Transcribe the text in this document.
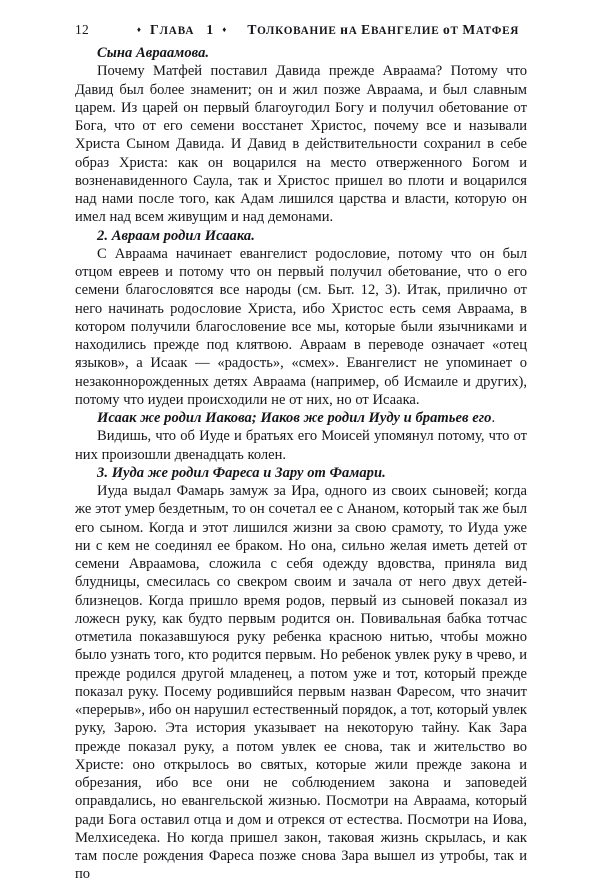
12	♦ ГЛАВА 1 ♦ ТОЛКОВАНИЕ нА ЕВАНГЕЛИЕ оТ МАТФЕЯ

Сына Авраамова.

Почему Матфей поставил Давида прежде Авраама? Потому что Давид был более знаменит; он и жил позже Авраама, и был славным царем. Из царей он первый благоугодил Богу и получил обетование от Бога, что от его семени восстанет Христос, почему все и называли Христа Сыном Давида. И Давид в действительности сохранил в себе образ Христа: как он воцарился на место отверженного Богом и возненавиденного Саула, так и Христос пришел во плоти и воцарился над нами после того, как Адам лишился царства и власти, которую он имел над всем живущим и над демонами.

2. Авраам родил Исаака.

С Авраама начинает евангелист родословие, потому что он был отцом евреев и потому что он первый получил обетование, что о его семени благословятся все народы (см. Быт. 12, 3). Итак, прилично от него начинать родословие Христа, ибо Христос есть семя Авраама, в котором получили благословение все мы, которые были язычниками и находились прежде под клятвою. Авраам в переводе означает «отец языков», а Исаак — «радость», «смех». Евангелист не упоминает о незаконнорожденных детях Авраама (например, об Исмаиле и других), потому что иудеи происходили не от них, но от Исаака.

Исаак же родил Иакова; Иаков же родил Иуду и братьев его.

Видишь, что об Иуде и братьях его Моисей упомянул потому, что от них произошли двенадцать колен.

3. Иуда же родил Фареса и Зару от Фамари.

Иуда выдал Фамарь замуж за Ира, одного из своих сыновей; когда же этот умер бездетным, то он сочетал ее с Ананом, который так же был его сыном. Когда и этот лишился жизни за свою срамоту, то Иуда уже ни с кем не соединял ее браком. Но она, сильно желая иметь детей от семени Авраамова, сложила с себя одежду вдовства, приняла вид блудницы, смесилась со свекром своим и зачала от него двух детей-близнецов. Когда пришло время родов, первый из сыновей показал из ложесн руку, как будто первым родится он. Повивальная бабка тотчас отметила показавшуюся руку ребенка красною нитью, чтобы можно было узнать того, кто родится первым. Но ребенок увлек руку в чрево, и прежде родился другой младенец, а потом уже и тот, который прежде показал руку. Посему родившийся первым назван Фаресом, что значит «перерыв», ибо он нарушил естественный порядок, а тот, который увлек руку, Зарою. Эта история указывает на некоторую тайну. Как Зара прежде показал руку, а потом увлек ее снова, так и жительство во Христе: оно открылось во святых, которые жили прежде закона и обрезания, ибо все они не соблюдением закона и заповедей оправдались, но евангельской жизнью. Посмотри на Авраама, который ради Бога оставил отца и дом и отрекся от естества. Посмотри на Иова, Мелхиседека. Но когда пришел закон, таковая жизнь скрылась, и как там после рождения Фареса позже снова Зара вышел из утробы, так и по
